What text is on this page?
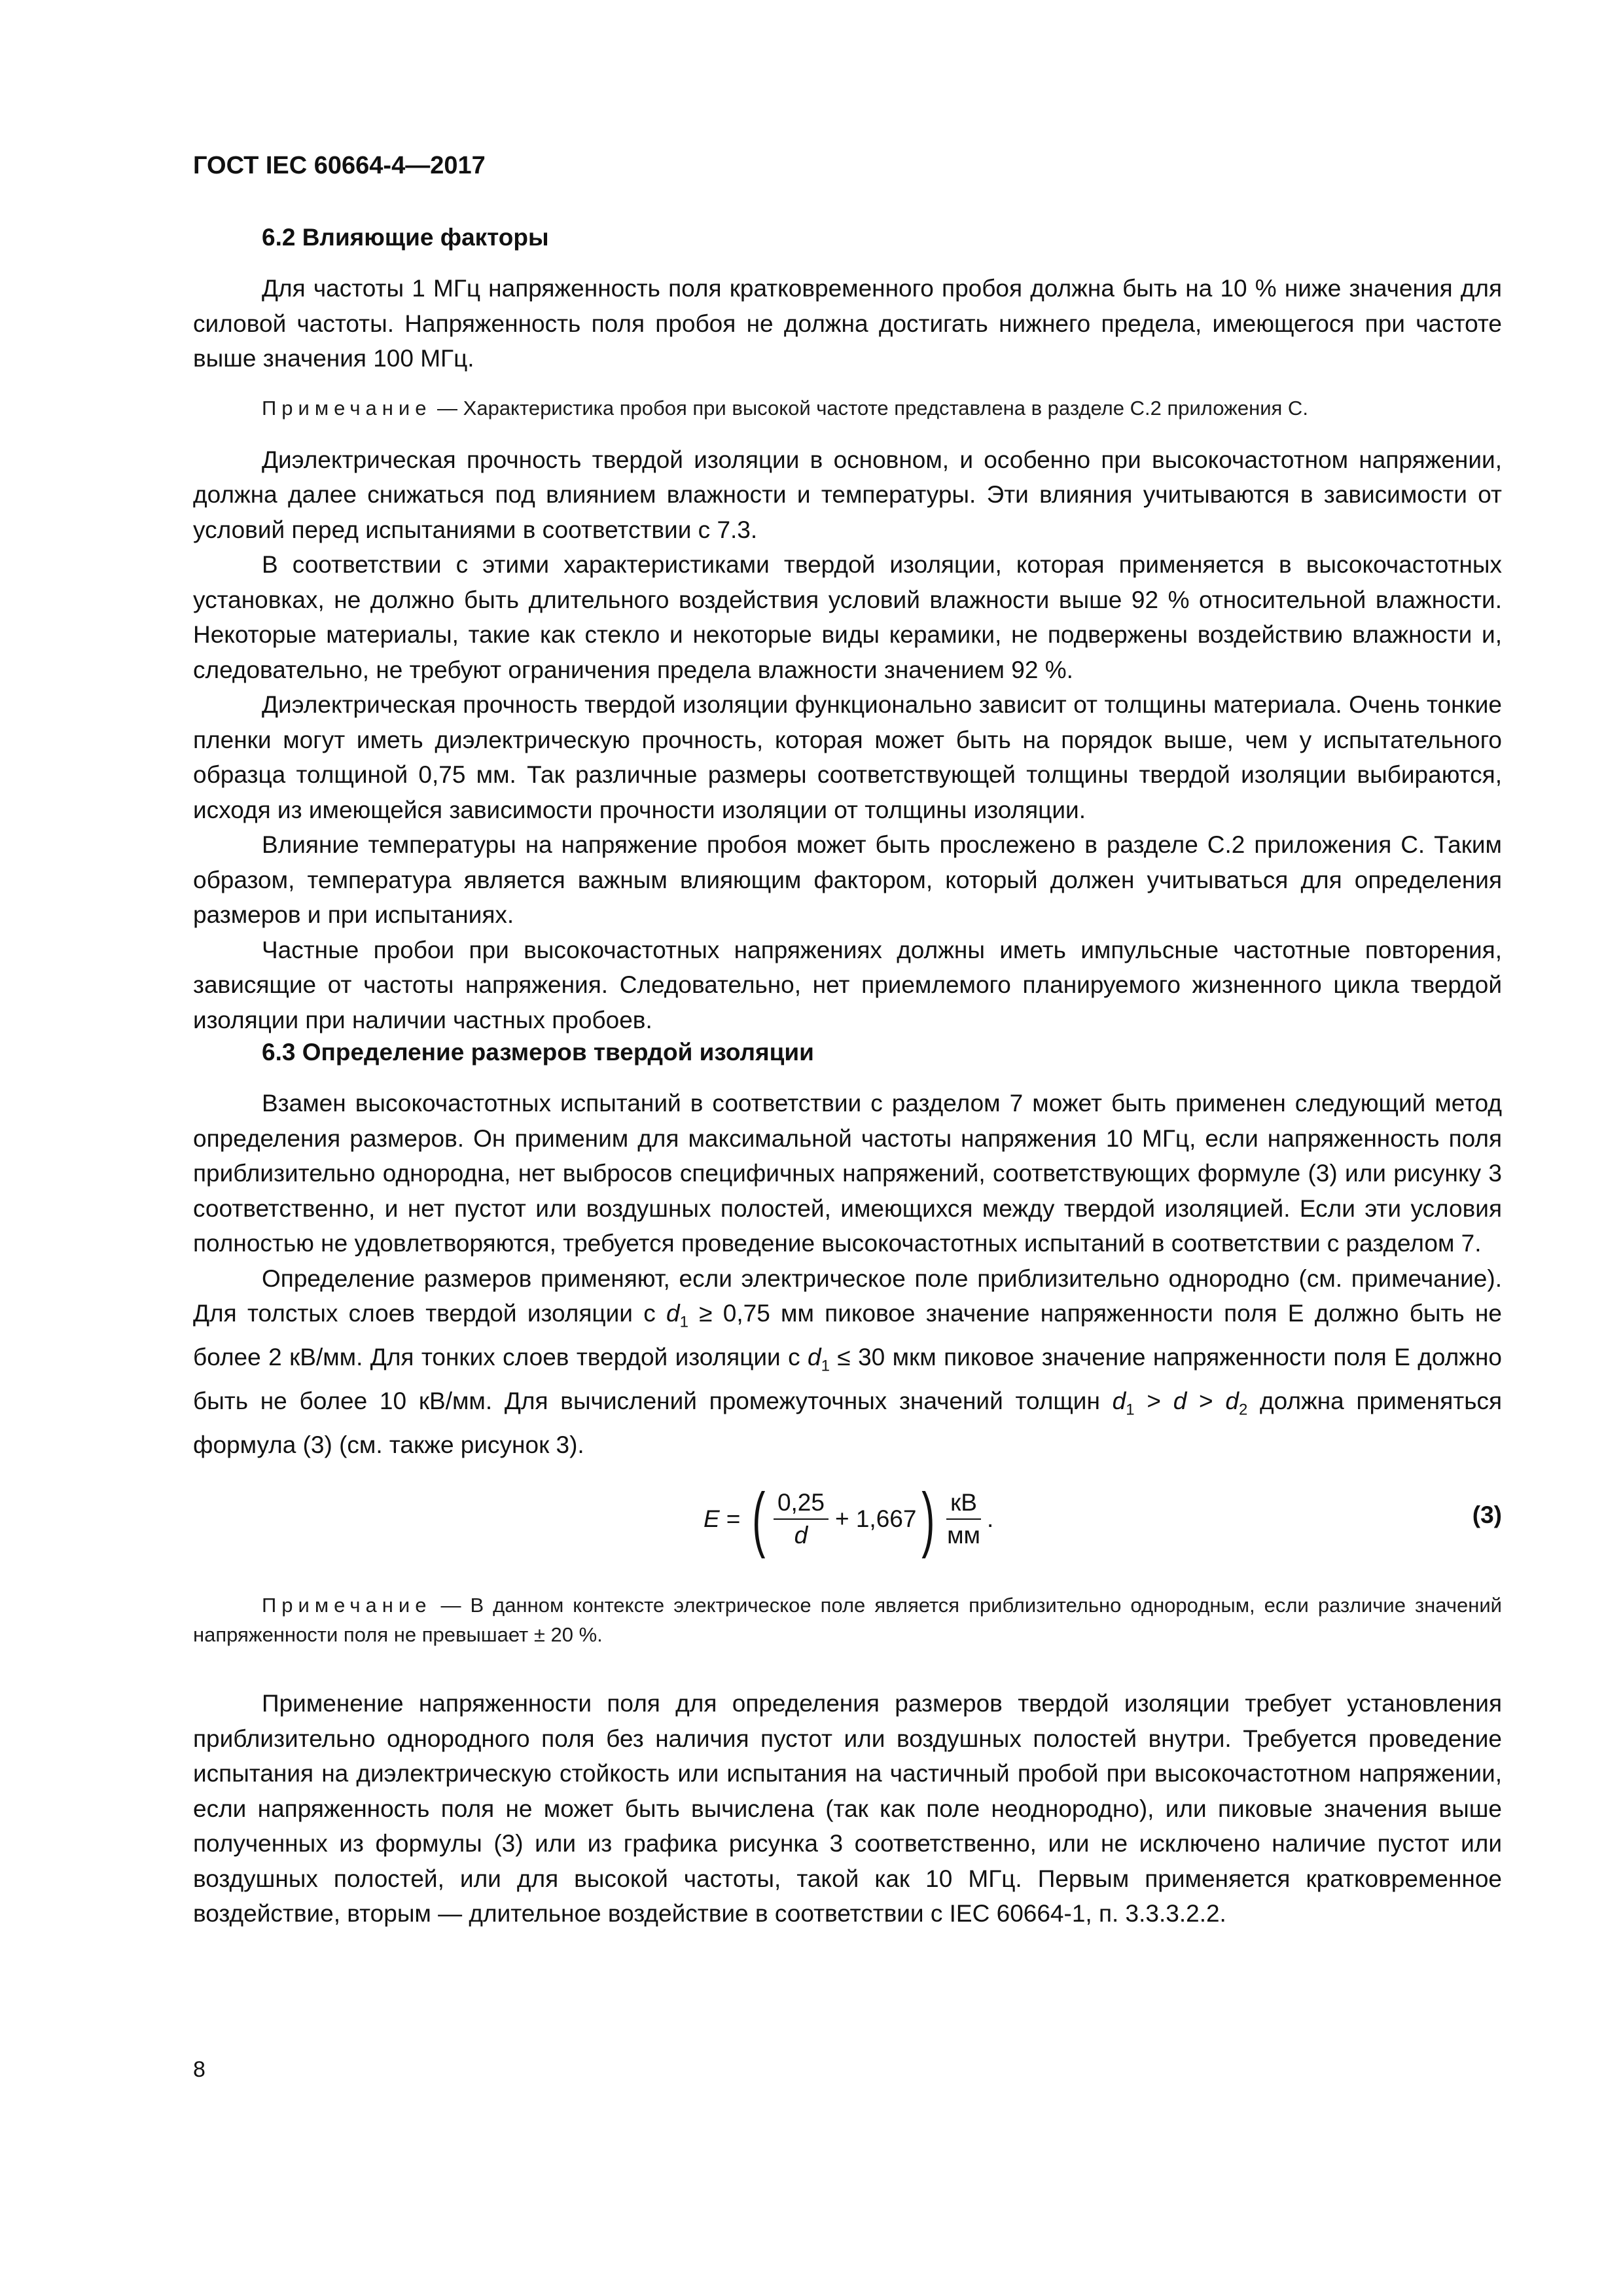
ГОСТ IEC 60664-4—2017
6.2 Влияющие факторы

Для частоты 1 МГц напряженность поля кратковременного пробоя должна быть на 10 % ниже значения для силовой частоты. Напряженность поля пробоя не должна достигать нижнего предела, имеющегося при частоте выше значения 100 МГц.

Примечание — Характеристика пробоя при высокой частоте представлена в разделе С.2 приложения С.

Диэлектрическая прочность твердой изоляции в основном, и особенно при высокочастотном напряжении, должна далее снижаться под влиянием влажности и температуры. Эти влияния учитываются в зависимости от условий перед испытаниями в соответствии с 7.3.

В соответствии с этими характеристиками твердой изоляции, которая применяется в высокочастотных установках, не должно быть длительного воздействия условий влажности выше 92 % относительной влажности. Некоторые материалы, такие как стекло и некоторые виды керамики, не подвержены воздействию влажности и, следовательно, не требуют ограничения предела влажности значением 92 %.

Диэлектрическая прочность твердой изоляции функционально зависит от толщины материала. Очень тонкие пленки могут иметь диэлектрическую прочность, которая может быть на порядок выше, чем у испытательного образца толщиной 0,75 мм. Так различные размеры соответствующей толщины твердой изоляции выбираются, исходя из имеющейся зависимости прочности изоляции от толщины изоляции.

Влияние температуры на напряжение пробоя может быть прослежено в разделе С.2 приложения С. Таким образом, температура является важным влияющим фактором, который должен учитываться для определения размеров и при испытаниях.

Частные пробои при высокочастотных напряжениях должны иметь импульсные частотные повторения, зависящие от частоты напряжения. Следовательно, нет приемлемого планируемого жизненного цикла твердой изоляции при наличии частных пробоев.

6.3 Определение размеров твердой изоляции

Взамен высокочастотных испытаний в соответствии с разделом 7 может быть применен следующий метод определения размеров. Он применим для максимальной частоты напряжения 10 МГц, если напряженность поля приблизительно однородна, нет выбросов специфичных напряжений, соответствующих формуле (3) или рисунку 3 соответственно, и нет пустот или воздушных полостей, имеющихся между твердой изоляцией. Если эти условия полностью не удовлетворяются, требуется проведение высокочастотных испытаний в соответствии с разделом 7.

Определение размеров применяют, если электрическое поле приблизительно однородно (см. примечание). Для толстых слоев твердой изоляции с $d_1 \ge 0,75$ мм пиковое значение напряженности поля Е должно быть не более 2 кВ/мм. Для тонких слоев твердой изоляции с $d_1 \le 30$ мкм пиковое значение напряженности поля Е должно быть не более 10 кВ/мм. Для вычислений промежуточных значений толщин $d_1 > d > d_2$ должна применяться формула (3) (см. также рисунок 3).

E = ( $\frac{0,25}{d} + 1,667$ ) $\frac{кВ}{мм}$ .	(3)
Примечание — В данном контексте электрическое поле является приблизительно однородным, если различие значений напряженности поля не превышает ± 20 %.

Применение напряженности поля для определения размеров твердой изоляции требует установления приблизительно однородного поля без наличия пустот или воздушных полостей внутри. Требуется проведение испытания на диэлектрическую стойкость или испытания на частичный пробой при высокочастотном напряжении, если напряженность поля не может быть вычислена (так как поле неоднородно), или пиковые значения выше полученных из формулы (3) или из графика рисунка 3 соответственно, или не исключено наличие пустот или воздушных полостей, или для высокой частоты, такой как 10 МГц. Первым применяется кратковременное воздействие, вторым — длительное воздействие в соответствии с IEC 60664-1, п. 3.3.3.2.2.

8
